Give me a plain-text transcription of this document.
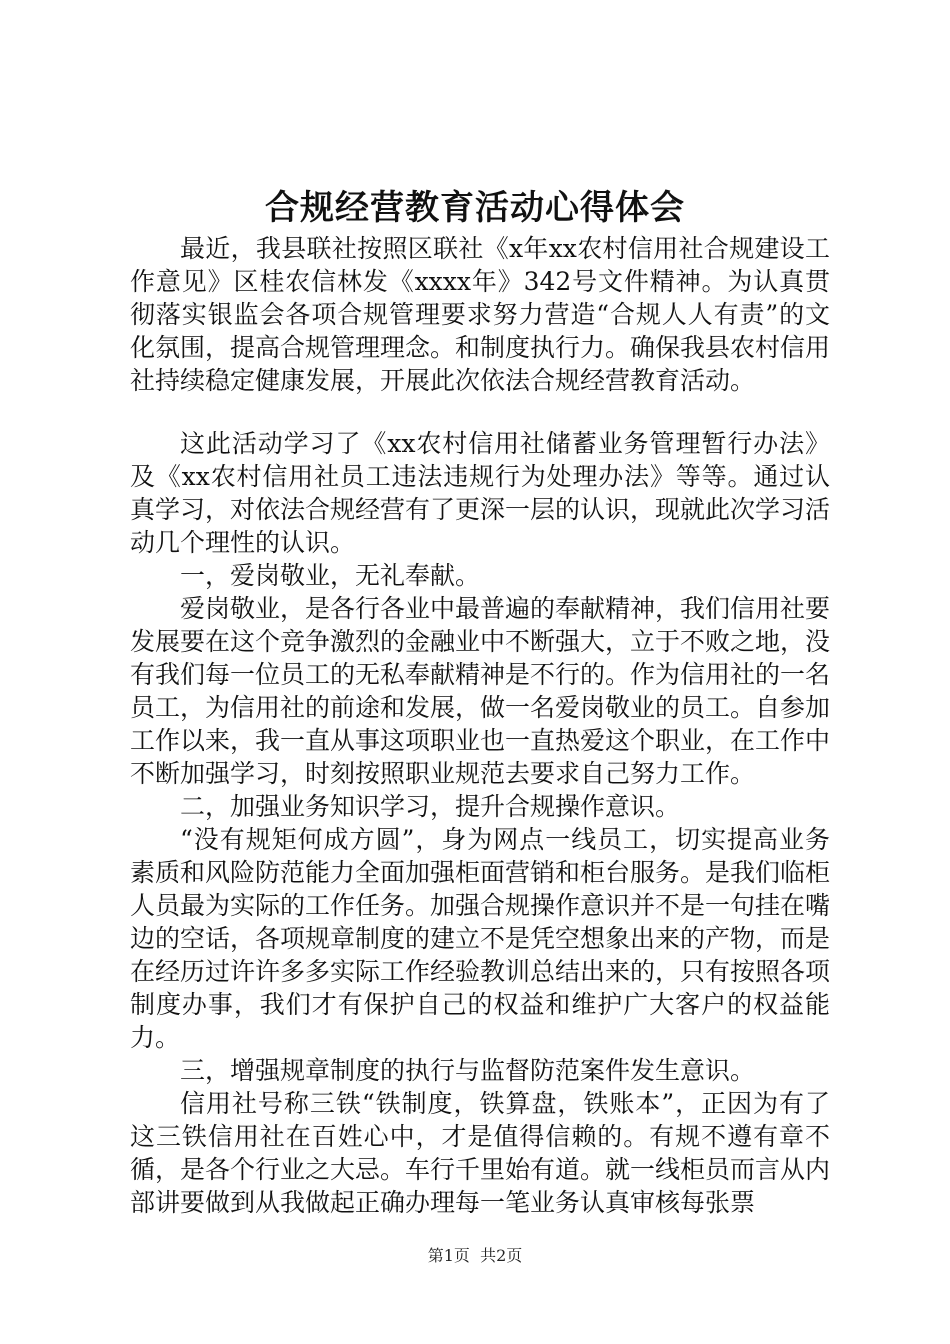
合规经营教育活动心得体会

最近，我县联社按照区联社《x年xx农村信用社合规建设工作意见》区桂农信林发《xxxx年》342号文件精神。为认真贯彻落实银监会各项合规管理要求努力营造“合规人人有责”的文化氛围，提高合规管理理念。和制度执行力。确保我县农村信用社持续稳定健康发展，开展此次依法合规经营教育活动。

这此活动学习了《xx农村信用社储蓄业务管理暂行办法》及《xx农村信用社员工违法违规行为处理办法》等等。通过认真学习，对依法合规经营有了更深一层的认识，现就此次学习活动几个理性的认识。

一，爱岗敬业，无礼奉献。

爱岗敬业，是各行各业中最普遍的奉献精神，我们信用社要发展要在这个竞争激烈的金融业中不断强大，立于不败之地，没有我们每一位员工的无私奉献精神是不行的。作为信用社的一名员工，为信用社的前途和发展，做一名爱岗敬业的员工。自参加工作以来，我一直从事这项职业也一直热爱这个职业，在工作中不断加强学习，时刻按照职业规范去要求自己努力工作。

二，加强业务知识学习，提升合规操作意识。

“没有规矩何成方圆”，身为网点一线员工，切实提高业务素质和风险防范能力全面加强柜面营销和柜台服务。是我们临柜人员最为实际的工作任务。加强合规操作意识并不是一句挂在嘴边的空话，各项规章制度的建立不是凭空想象出来的产物，而是在经历过许许多多实际工作经验教训总结出来的，只有按照各项制度办事，我们才有保护自己的权益和维护广大客户的权益能力。

三，增强规章制度的执行与监督防范案件发生意识。

信用社号称三铁“铁制度，铁算盘，铁账本”，正因为有了这三铁信用社在百姓心中，才是值得信赖的。有规不遵有章不循，是各个行业之大忌。车行千里始有道。就一线柜员而言从内部讲要做到从我做起正确办理每一笔业务认真审核每张票

第1页  共2页
